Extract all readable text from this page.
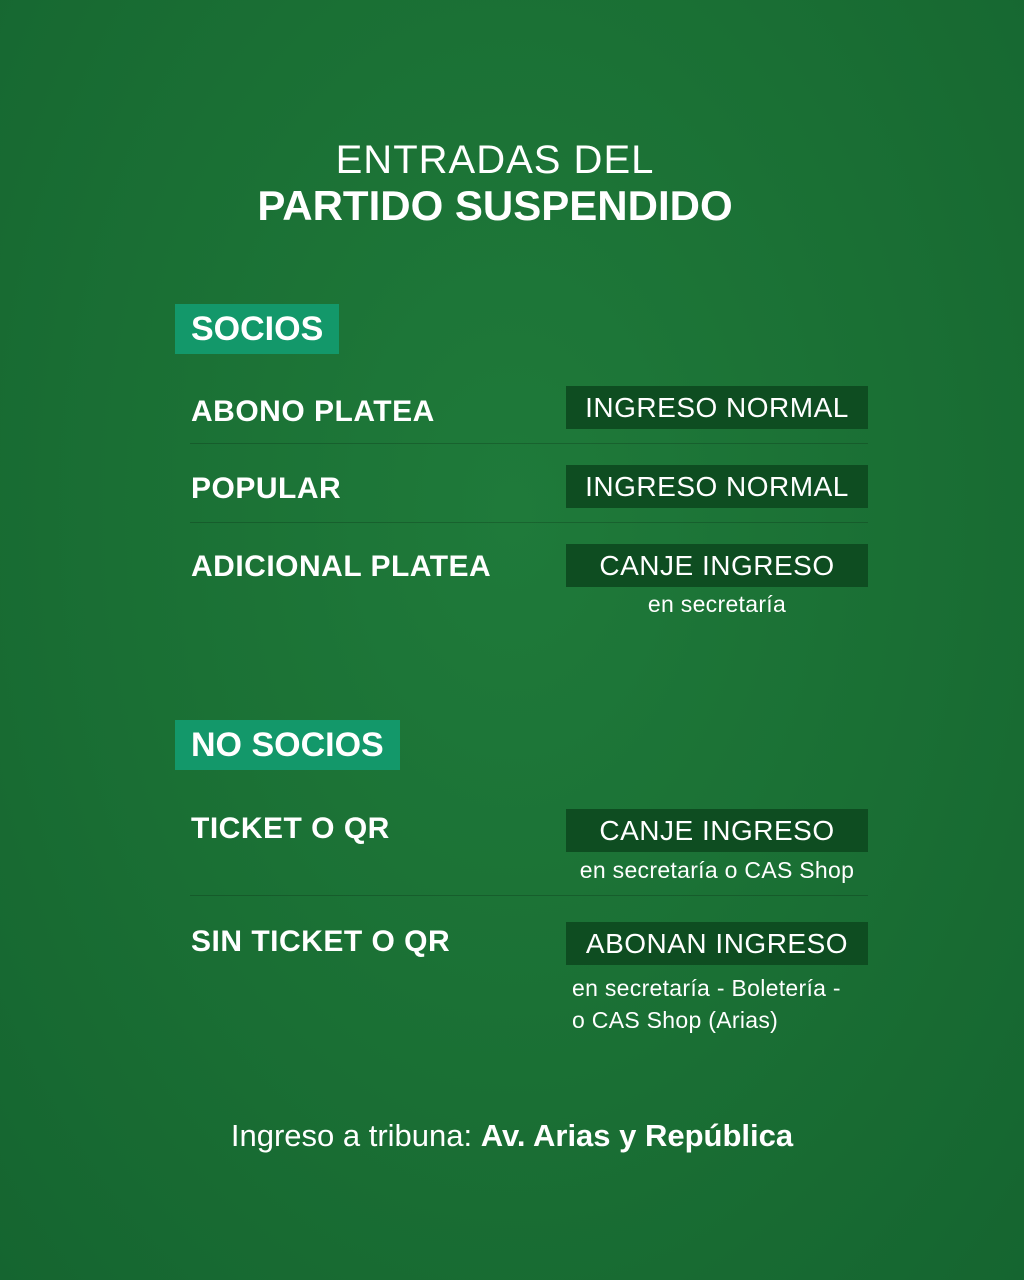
ENTRADAS DEL
PARTIDO SUSPENDIDO
SOCIOS
ABONO PLATEA	INGRESO NORMAL
POPULAR	INGRESO NORMAL
ADICIONAL PLATEA	CANJE INGRESO
en secretaría
NO SOCIOS
TICKET O QR	CANJE INGRESO
en secretaría o CAS Shop
SIN TICKET O QR	ABONAN INGRESO
en secretaría - Boletería -
o CAS Shop (Arias)
Ingreso a tribuna: Av. Arias y República
